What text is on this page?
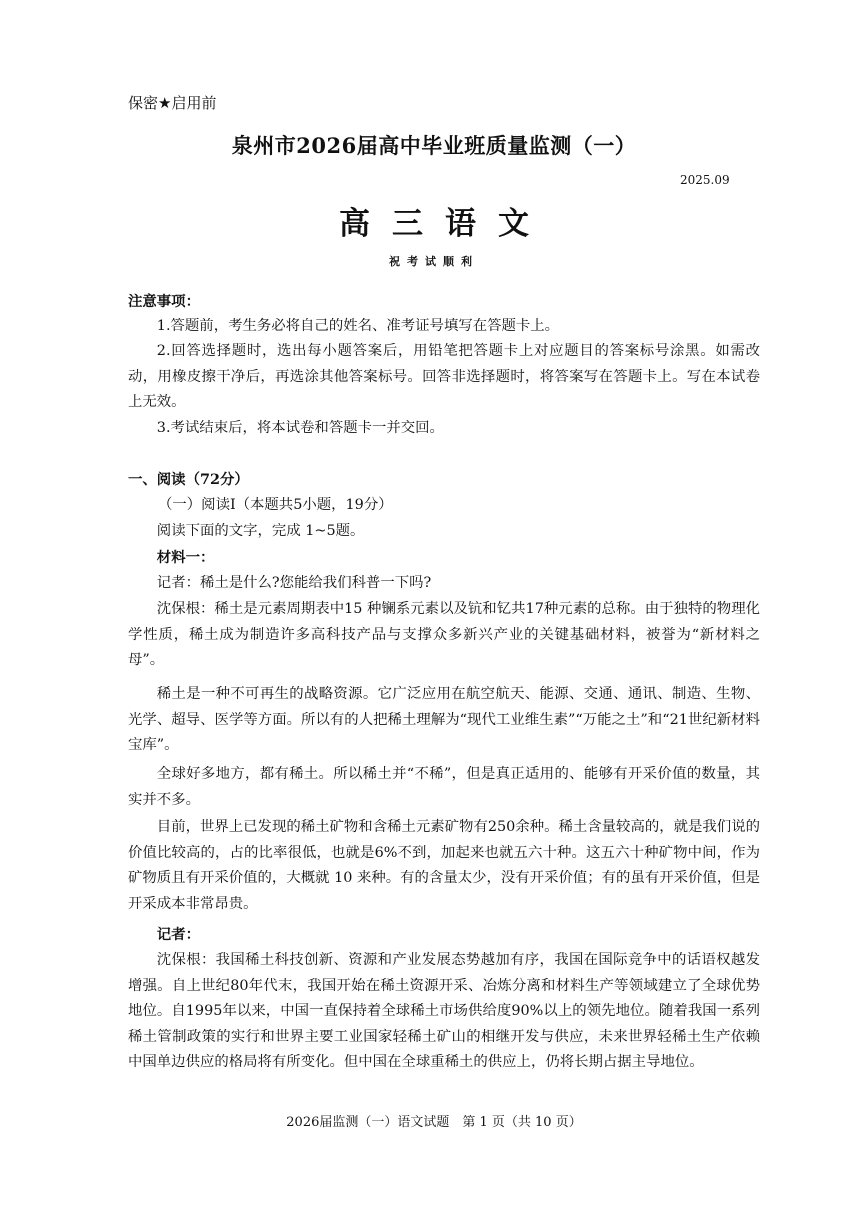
保密★启用前
泉州市2026届高中毕业班质量监测（一）
2025.09
高三语文
祝考试顺利
注意事项：
1.答题前，考生务必将自己的姓名、准考证号填写在答题卡上。
2.回答选择题时，选出每小题答案后，用铅笔把答题卡上对应题目的答案标号涂黑。如需改动，用橡皮擦干净后，再选涂其他答案标号。回答非选择题时，将答案写在答题卡上。写在本试卷上无效。
3.考试结束后，将本试卷和答题卡一并交回。
一、阅读（72分）
（一）阅读Ⅰ（本题共5小题，19分）
阅读下面的文字，完成 1~5题。
材料一：
记者：稀土是什么?您能给我们科普一下吗?
沈保根：稀土是元素周期表中15 种镧系元素以及钪和钇共17种元素的总称。由于独特的物理化学性质，稀土成为制造许多高科技产品与支撑众多新兴产业的关键基础材料，被誉为“新材料之母”。
稀土是一种不可再生的战略资源。它广泛应用在航空航天、能源、交通、通讯、制造、生物、光学、超导、医学等方面。所以有的人把稀土理解为“现代工业维生素”“万能之土”和“21世纪新材料宝库”。
全球好多地方，都有稀土。所以稀土并“不稀”，但是真正适用的、能够有开采价值的数量，其实并不多。
目前，世界上已发现的稀土矿物和含稀土元素矿物有250余种。稀土含量较高的，就是我们说的价值比较高的，占的比率很低，也就是6%不到，加起来也就五六十种。这五六十种矿物中间，作为矿物质且有开采价值的，大概就 10 来种。有的含量太少，没有开采价值；有的虽有开采价值，但是开采成本非常昂贵。
记者：
沈保根：我国稀土科技创新、资源和产业发展态势越加有序，我国在国际竞争中的话语权越发增强。自上世纪80年代末，我国开始在稀土资源开采、冶炼分离和材料生产等领域建立了全球优势地位。自1995年以来，中国一直保持着全球稀土市场供给度90%以上的领先地位。随着我国一系列稀土管制政策的实行和世界主要工业国家轻稀土矿山的相继开发与供应，未来世界轻稀土生产依赖中国单边供应的格局将有所变化。但中国在全球重稀土的供应上，仍将长期占据主导地位。
2026届监测（一）语文试题　第 1 页（共 10 页）
